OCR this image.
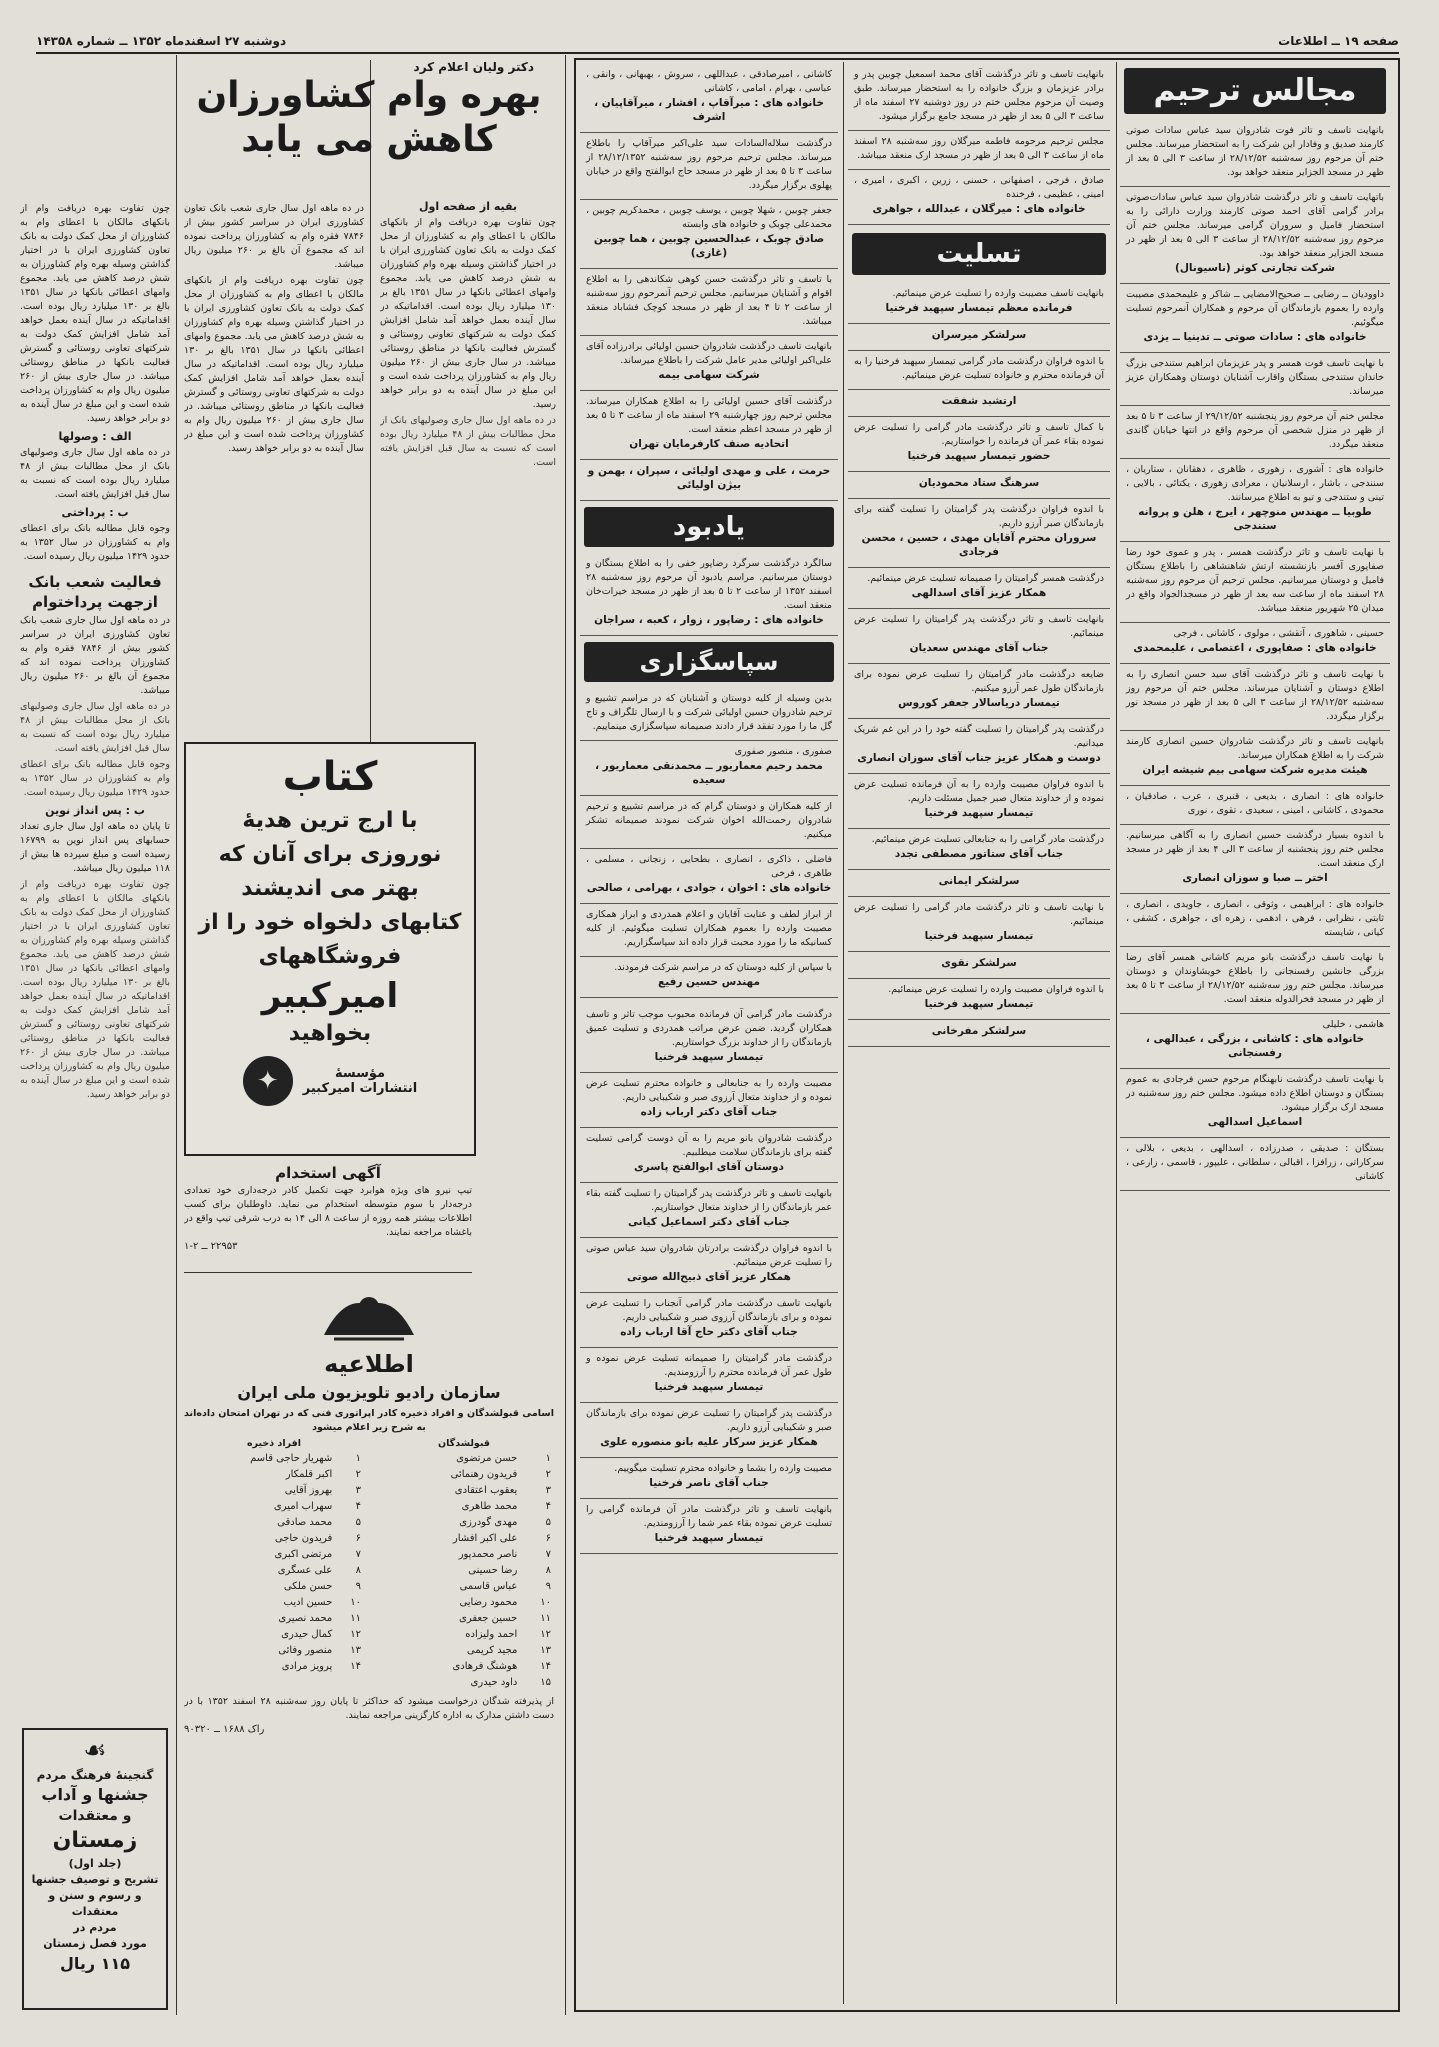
صفحه ۱۹ ــ اطلاعات
دوشنبه ۲۷ اسفندماه ۱۳۵۲ ــ شماره ۱۴۳۵۸
مجالس ترحیم

بانهایت تاسف و تاثر فوت شادروان سید عباس سادات صوتی کارمند صدیق و وفادار این شرکت را به استحضار میرساند. مجلس ختم آن مرحوم روز سه‌شنبه ۲۸/۱۲/۵۲ از ساعت ۳ الی ۵ بعد از ظهر در مسجد الجزایر منعقد خواهد بود.

باتهایت تاسف و تاثر درگذشت شادروان سید عباس سادات‌صوتی برادر گرامی آقای احمد صوتی کارمند وزارت دارائی را به استحضار فامیل و سروران گرامی میرساند. مجلس ختم آن مرحوم روز سه‌شنبه ۲۸/۱۲/۵۲ از ساعت ۳ الی ۵ بعد از ظهر در مسجد الجزایر منعقد خواهد بود.

شرکت تجارتی کوثر (ناسیونال)

داوودیان ــ رضایی ــ صحیح‌الامضایی ــ شاکر و علیمحمدی مصیبت وارده را بعموم بازماندگان آن مرحوم و همکاران آنمرحوم تسلیت میگوئیم.

خانواده های : سادات صوتی ــ تدینیا ــ یزدی

با نهایت تاسف فوت همسر و پدر عزیزمان ابراهیم ستندجی بزرگ خاندان ستندجی بستگان واقارب آشنایان دوستان وهمکاران عزیز میرساند.

مجلس ختم آن مرحوم روز پنجشنبه ۲۹/۱۲/۵۲ از ساعت ۳ تا ۵ بعد از ظهر در منزل شخصی آن مرحوم واقع در انتها خیابان گاندی منعقد میگردد.

خانواده های : آشوری ، زهوری ، ظاهری ، دهقانان ، ستاریان ، سنندجی ، باشار ، ارسلانیان ، معرادی زهوری ، یکتائی ، بالایی ، تینی و ستندجی و تیو به اطلاع میرسانند.

طوبیا ــ مهندس منوچهر ، ایرج ، هلن و پروانه ستندجی

با نهایت تاسف و تاثر درگذشت همسر ، پدر و عموی خود رضا صفاپوری آفسر بازنشسته ارتش شاهنشاهی را باطلاع بستگان فامیل و دوستان میرسانیم. مجلس ترحیم آن مرحوم روز سه‌شنبه ۲۸ اسفند ماه از ساعت سه بعد از ظهر در مسجدالجواد واقع در میدان ۲۵ شهریور منعقد میباشد.

حسینی ، شاهوری ، آتقشی ، مولوی ، کاشانی ، فرجی

خانواده های : صفاپوری ، اعتصامی ، علیمحمدی

با نهایت تاسف و تاثر درگذشت آقای سید حسن انصاری را به اطلاع دوستان و آشنایان میرساند. مجلس ختم آن مرحوم روز سه‌شنبه ۲۸/۱۲/۵۲ از ساعت ۳ الی ۵ بعد از ظهر در مسجد نور برگزار میگردد.

بانهایت تاسف و تاثر درگذشت شادروان حسین انصاری کارمند شرکت را به اطلاع همکاران میرساند.

هیئت مدیره شرکت سهامی بیم شیشه ایران

خانواده های : انصاری ، بدیعی ، قنبری ، عرب ، صادقیان ، محمودی ، کاشانی ، امینی ، سعیدی ، تقوی ، نوری

با اندوه بسیار درگذشت حسین انصاری را به آگاهی میرسانیم. مجلس ختم روز پنجشنبه از ساعت ۳ الی ۴ بعد از ظهر در مسجد ارک منعقد است.

اختر ــ صبا و سوزان انصاری

خانواده های : ابراهیمی ، وثوقی ، انصاری ، جاویدی ، انصاری ، ثابتی ، نظرابی ، فرهی ، ادهمی ، زهره ای ، جواهری ، کشفی ، کیانی ، شایسته

با نهایت تاسف درگذشت بانو مریم کاشانی همسر آقای رضا بزرگی جانشین رفسنجانی را باطلاع خویشاوندان و دوستان میرساند. مجلس ختم روز سه‌شنبه ۲۸/۱۲/۵۲ از ساعت ۳ تا ۵ بعد از ظهر در مسجد فخرالدوله منعقد است.

هاشمی ، خلیلی

خانواده های : کاشانی ، بزرگی ، عبدالهی ، رفسنجانی

با نهایت تاسف درگذشت نابهنگام مرحوم حسن فرجادی به عموم بستگان و دوستان اطلاع داده میشود. مجلس ختم روز سه‌شنبه در مسجد ارک برگزار میشود.

اسماعیل اسدالهی

بستگان : صدیقی ، صدرزاده ، اسدالهی ، بدیعی ، بلالی ، سرکاراتی ، زرافزا ، اقبالی ، سلطانی ، علیپور ، قاسمی ، زارعی ، کاشانی

بانهایت تاسف و تاثر درگذشت آقای محمد اسمعیل چوبین پدر و برادر عزیزمان و بزرگ خانواده را به استحضار میرساند. طبق وصیت آن مرحوم مجلس ختم در روز دوشنبه ۲۷ اسفند ماه از ساعت ۳ الی ۵ بعد از ظهر در مسجد جامع برگزار میشود.

مجلس ترحیم مرحومه فاطمه میرگلان روز سه‌شنبه ۲۸ اسفند ماه از ساعت ۳ الی ۵ بعد از ظهر در مسجد ارک منعقد میباشد.

صادق ، فرجی ، اصفهانی ، حسنی ، زرین ، اکبری ، امیری ، امینی ، عظیمی ، فرخنده

خانواده های : میرگلان ، عبدالله ، جواهری
تسلیت

بانهایت تاسف مصیبت وارده را تسلیت عرض مینمائیم.

فرمانده معظم تیمسار سپهبد فرخنیا
سرلشکر میرسران

با اندوه فراوان درگذشت مادر گرامی تیمسار سپهبد فرخنیا را به آن فرمانده محترم و خانواده تسلیت عرض مینمائیم.

ارتشبد شفقت

با کمال تاسف و تاثر درگذشت مادر گرامی را تسلیت عرض نموده بقاء عمر آن فرمانده را خواستاریم.

حضور تیمسار سپهبد فرخنیا
سرهنگ ستاد محمودیان

با اندوه فراوان درگذشت پدر گرامیتان را تسلیت گفته برای بازماندگان صبر آرزو داریم.

سروران محترم آقایان مهدی ، حسین ، محسن فرجادی

درگذشت همسر گرامیتان را صمیمانه تسلیت عرض مینمائیم.

همکار عزیز آقای اسدالهی

بانهایت تاسف و تاثر درگذشت پدر گرامیتان را تسلیت عرض مینمائیم.

جناب آقای مهندس سعدیان

ضایعه درگذشت مادر گرامیتان را تسلیت عرض نموده برای بازماندگان طول عمر آرزو میکنیم.

تیمسار دریاسالار جعفر کوروس

درگذشت پدر گرامیتان را تسلیت گفته خود را در این غم شریک میدانیم.

دوست و همکار عزیز جناب آقای سوزان انصاری

با اندوه فراوان مصیبت وارده را به آن فرمانده تسلیت عرض نموده و از خداوند متعال صبر جمیل مسئلت داریم.

تیمسار سپهبد فرخنیا

درگذشت مادر گرامی را به جنابعالی تسلیت عرض مینمائیم.

جناب آقای ستاتور مصطفی تجدد
سرلشکر ایمانی

با نهایت تاسف و تاثر درگذشت مادر گرامی را تسلیت عرض مینمائیم.

تیمسار سپهبد فرخنیا
سرلشکر نقوی

با اندوه فراوان مصیبت وارده را تسلیت عرض مینمائیم.

تیمسار سپهبد فرخنیا
سرلشکر مفرخانی

کاشانی ، امیرصادقی ، عبداللهی ، سروش ، بهبهانی ، وانقی ، عباسی ، بهرام ، امامی ، کاشانی

خانواده های : میرآقاپ ، افشار ، میرآقاپیان ، اشرف

درگذشت سلاله‌السادات سید علی‌اکبر میرآقاپ را باطلاع میرساند. مجلس ترحیم مرحوم روز سه‌شنبه ۲۸/۱۲/۱۳۵۲ از ساعت ۳ تا ۵ بعد از ظهر در مسجد حاج ابوالفتح واقع در خیابان پهلوی برگزار میگردد.

جعفر چوبین ، شهلا چوبین ، یوسف چوبین ، محمدکریم چوبین ، محمدعلی چوبک و خانواده های وابسته

صادق چوبک ، عبدالحسین چوبین ، هما چوبین (غازی)

با تاسف و تاثر درگذشت حسن کوهی شکاندهی را به اطلاع اقوام و آشنایان میرسانیم. مجلس ترحیم آنمرحوم روز سه‌شنبه از ساعت ۲ تا ۴ بعد از ظهر در مسجد کوچک فشاباد منعقد میباشد.

بانهایت تاسف درگذشت شادروان حسین اولیائی برادرزاده آقای علی‌اکبر اولیائی مدیر عامل شرکت را باطلاع میرساند.

شرکت سهامی بیمه

درگذشت آقای حسین اولیائی را به اطلاع همکاران میرساند. مجلس ترحیم روز چهارشنبه ۲۹ اسفند ماه از ساعت ۳ تا ۵ بعد از ظهر در مسجد اعظم منعقد است.

اتحادیه صنف کارفرمایان تهران
حرمت ، علی و مهدی اولیائی ، سپران ، بهمن و بیژن اولیائی
یادبود

سالگرد درگذشت سرگرد رضاپور خفی را به اطلاع بستگان و دوستان میرسانیم. مراسم یادبود آن مرحوم روز سه‌شنبه ۲۸ اسفند ۱۳۵۲ از ساعت ۲ تا ۵ بعد از ظهر در مسجد خیرات‌خان منعقد است.

خانواده های : رضاپور ، زوار ، کعبه ، سراجان
سپاسگزاری

بدین وسیله از کلیه دوستان و آشنایان که در مراسم تشییع و ترحیم شادروان حسین اولیائی شرکت و با ارسال تلگراف و تاج گل ما را مورد تفقد قرار دادند صمیمانه سپاسگزاری مینماییم.

صفوری ، منصور صفوری

محمد رحیم معماریور ــ محمدنقی معماریور ، سعیده

از کلیه همکاران و دوستان گرام که در مراسم تشییع و ترحیم شادروان رحمت‌الله اخوان شرکت نمودند صمیمانه تشکر میکنیم.

فاضلی ، ذاکری ، انصاری ، بطحایی ، زنجانی ، مسلمی ، طاهری ، فرخی

خانواده های : اخوان ، جوادی ، بهرامی ، صالحی

از ابراز لطف و عنایت آقایان و اعلام همدردی و ابراز همکاری مصیبت وارده را بعموم همکاران تسلیت میگوئیم. از کلیه کسانیکه ما را مورد محبت قرار داده اند سپاسگزاریم.

با سپاس از کلیه دوستان که در مراسم شرکت فرمودند.

مهندس حسین رفیع

درگذشت مادر گرامی آن فرمانده محبوب موجب تاثر و تاسف همکاران گردید. ضمن عرض مراتب همدردی و تسلیت عمیق بازماندگان را از خداوند بزرگ خواستاریم.

تیمسار سپهبد فرخنیا

مصیبت وارده را به جنابعالی و خانواده محترم تسلیت عرض نموده و از خداوند متعال آرزوی صبر و شکیبایی داریم.

جناب آقای دکتر ارباب زاده

درگذشت شادروان بانو مریم را به آن دوست گرامی تسلیت گفته برای بازماندگان سلامت میطلبیم.

دوستان آقای ابوالفتح پاسری

بانهایت تاسف و تاثر درگذشت پدر گرامیتان را تسلیت گفته بقاء عمر بازماندگان را از خداوند متعال خواستاریم.

جناب آقای دکتر اسماعیل کیانی

با اندوه فراوان درگذشت برادرتان شادروان سید عباس صوتی را تسلیت عرض مینمائیم.

همکار عزیز آقای ذبیح‌الله صوتی

بانهایت تاسف درگذشت مادر گرامی آنجناب را تسلیت عرض نموده و برای بازماندگان آرزوی صبر و شکیبایی داریم.

جناب آقای دکتر حاج آقا ارباب زاده

درگذشت مادر گرامیتان را صمیمانه تسلیت عرض نموده و طول عمر آن فرمانده محترم را آرزومندیم.

تیمسار سپهبد فرخنیا

درگذشت پدر گرامیتان را تسلیت عرض نموده برای بازماندگان صبر و شکیبایی آرزو داریم.

همکار عزیز سرکار علیه بانو منصوره علوی

مصیبت وارده را بشما و خانواده محترم تسلیت میگوییم.

جناب آقای ناصر فرخنیا

بانهایت تاسف و تاثر درگذشت مادر آن فرمانده گرامی را تسلیت عرض نموده بقاء عمر شما را آرزومندیم.

تیمسار سپهبد فرخنیا
دکتر ولیان اعلام کرد
بهره وام کشاورزان
کاهش می یابد
بقیه از صفحه اول

چون تفاوت بهره دریافت وام از بانکهای مالکان با اعطای وام به کشاورزان از محل کمک دولت به بانک تعاون کشاورزی ایران با در اختیار گذاشتن وسیله بهره وام کشاورزان به شش درصد کاهش می یابد. مجموع وامهای اعطائی بانکها در سال ۱۳۵۱ بالغ بر ۱۳۰ میلیارد ریال بوده است. اقداماتیکه در سال آینده بعمل خواهد آمد شامل افزایش کمک دولت به شرکتهای تعاونی روستائی و گسترش فعالیت بانکها در مناطق روستائی میباشد. در سال جاری بیش از ۲۶۰ میلیون ریال وام به کشاورزان پرداخت شده است و این مبلغ در سال آینده به دو برابر خواهد رسید.

در ده ماهه اول سال جاری وصولیهای بانک از محل مطالبات بیش از ۴۸ میلیارد ریال بوده است که نسبت به سال قبل افزایش یافته است.

در ده ماهه اول سال جاری شعب بانک تعاون کشاورزی ایران در سراسر کشور بیش از ۷۸۴۶ فقره وام به کشاورزان پرداخت نموده اند که مجموع آن بالغ بر ۲۶۰ میلیون ریال میباشد.

چون تفاوت بهره دریافت وام از بانکهای مالکان با اعطای وام به کشاورزان از محل کمک دولت به بانک تعاون کشاورزی ایران با در اختیار گذاشتن وسیله بهره وام کشاورزان به شش درصد کاهش می یابد. مجموع وامهای اعطائی بانکها در سال ۱۳۵۱ بالغ بر ۱۳۰ میلیارد ریال بوده است. اقداماتیکه در سال آینده بعمل خواهد آمد شامل افزایش کمک دولت به شرکتهای تعاونی روستائی و گسترش فعالیت بانکها در مناطق روستائی میباشد. در سال جاری بیش از ۲۶۰ میلیون ریال وام به کشاورزان پرداخت شده است و این مبلغ در سال آینده به دو برابر خواهد رسید.

چون تفاوت بهره دریافت وام از بانکهای مالکان با اعطای وام به کشاورزان از محل کمک دولت به بانک تعاون کشاورزی ایران با در اختیار گذاشتن وسیله بهره وام کشاورزان به شش درصد کاهش می یابد. مجموع وامهای اعطائی بانکها در سال ۱۳۵۱ بالغ بر ۱۳۰ میلیارد ریال بوده است. اقداماتیکه در سال آینده بعمل خواهد آمد شامل افزایش کمک دولت به شرکتهای تعاونی روستائی و گسترش فعالیت بانکها در مناطق روستائی میباشد. در سال جاری بیش از ۲۶۰ میلیون ریال وام به کشاورزان پرداخت شده است و این مبلغ در سال آینده به دو برابر خواهد رسید.

الف : وصولها

در ده ماهه اول سال جاری وصولیهای بانک از محل مطالبات بیش از ۴۸ میلیارد ریال بوده است که نسبت به سال قبل افزایش یافته است.

ب : پرداختی

وجوه قابل مطالبه بانک برای اعطای وام به کشاورزان در سال ۱۳۵۲ به حدود ۱۴۲۹ میلیون ریال رسیده است.

فعالیت شعب بانک ازجهت پرداختوام

در ده ماهه اول سال جاری شعب بانک تعاون کشاورزی ایران در سراسر کشور بیش از ۷۸۴۶ فقره وام به کشاورزان پرداخت نموده اند که مجموع آن بالغ بر ۲۶۰ میلیون ریال میباشد.

در ده ماهه اول سال جاری وصولیهای بانک از محل مطالبات بیش از ۴۸ میلیارد ریال بوده است که نسبت به سال قبل افزایش یافته است.

وجوه قابل مطالبه بانک برای اعطای وام به کشاورزان در سال ۱۳۵۲ به حدود ۱۴۲۹ میلیون ریال رسیده است.

ب : پس انداز نوین

تا پایان ده ماهه اول سال جاری تعداد حسابهای پس انداز نوین به ۱۶۷۹۹ رسیده است و مبلغ سپرده ها بیش از ۱۱۸ میلیون ریال میباشد.

چون تفاوت بهره دریافت وام از بانکهای مالکان با اعطای وام به کشاورزان از محل کمک دولت به بانک تعاون کشاورزی ایران با در اختیار گذاشتن وسیله بهره وام کشاورزان به شش درصد کاهش می یابد. مجموع وامهای اعطائی بانکها در سال ۱۳۵۱ بالغ بر ۱۳۰ میلیارد ریال بوده است. اقداماتیکه در سال آینده بعمل خواهد آمد شامل افزایش کمک دولت به شرکتهای تعاونی روستائی و گسترش فعالیت بانکها در مناطق روستائی میباشد. در سال جاری بیش از ۲۶۰ میلیون ریال وام به کشاورزان پرداخت شده است و این مبلغ در سال آینده به دو برابر خواهد رسید.

کتاب
با ارج ترین هدیهٔ
نوروزی برای آنان که
بهتر می اندیشند
کتابهای دلخواه خود را از
فروشگاههای
امیرکبیر
بخواهید
مؤسسهٔ
انتشارات امیرکبیر
✦
آگهی استخدام

تیپ نیرو های ویژه هوابرد جهت تکمیل کادر درجه‌داری خود تعدادی درجه‌دار با سوم متوسطه استخدام می نماید. داوطلبان برای کسب اطلاعات بیشتر همه روزه از ساعت ۸ الی ۱۴ به درب شرقی تیپ واقع در باغشاه مراجعه نمایند.

۲۲۹۵۳ ــ ۲-۱
اطلاعیه
سازمان رادیو تلویزیون ملی ایران

اسامی قبولشدگان و افراد ذخیره کادر اپراتوری فنی که در تهران امتحان داده‌اند به شرح زیر اعلام میشود

قبولشدگان
۱	حسن مرتضوی
۲	فریدون رهنمائی
۳	یعقوب اعتقادی
۴	محمد طاهری
۵	مهدی گودرزی
۶	علی اکبر افشار
۷	ناصر محمدپور
۸	رضا حسینی
۹	عباس قاسمی
۱۰	محمود رضایی
۱۱	حسین جعفری
۱۲	احمد ولیزاده
۱۳	مجید کریمی
۱۴	هوشنگ فرهادی
۱۵	داود حیدری
افراد ذخیره
۱	شهریار حاجی قاسم
۲	اکبر قلمکار
۳	بهروز آقایی
۴	سهراب امیری
۵	محمد صادقی
۶	فریدون حاجی
۷	مرتضی اکبری
۸	علی عسگری
۹	حسن ملکی
۱۰	حسین ادیب
۱۱	محمد نصیری
۱۲	کمال حیدری
۱۳	منصور وفائی
۱۴	پرویز مرادی

از پذیرفته شدگان درخواست میشود که حداکثر تا پایان روز سه‌شنبه ۲۸ اسفند ۱۳۵۲ با در دست داشتن مدارک به اداره کارگزینی مراجعه نمایند.

راک ۱۶۸۸ ــ ۹۰۳۲۰
☙
گنجینهٔ فرهنگ مردم
جشنها و آداب
و معتقدات
زمستان
(جلد اول)
تشریح و توصیف جشنها
و رسوم و سنن و معتقدات
مردم در
مورد فصل زمستان
۱۱۵ ریال
